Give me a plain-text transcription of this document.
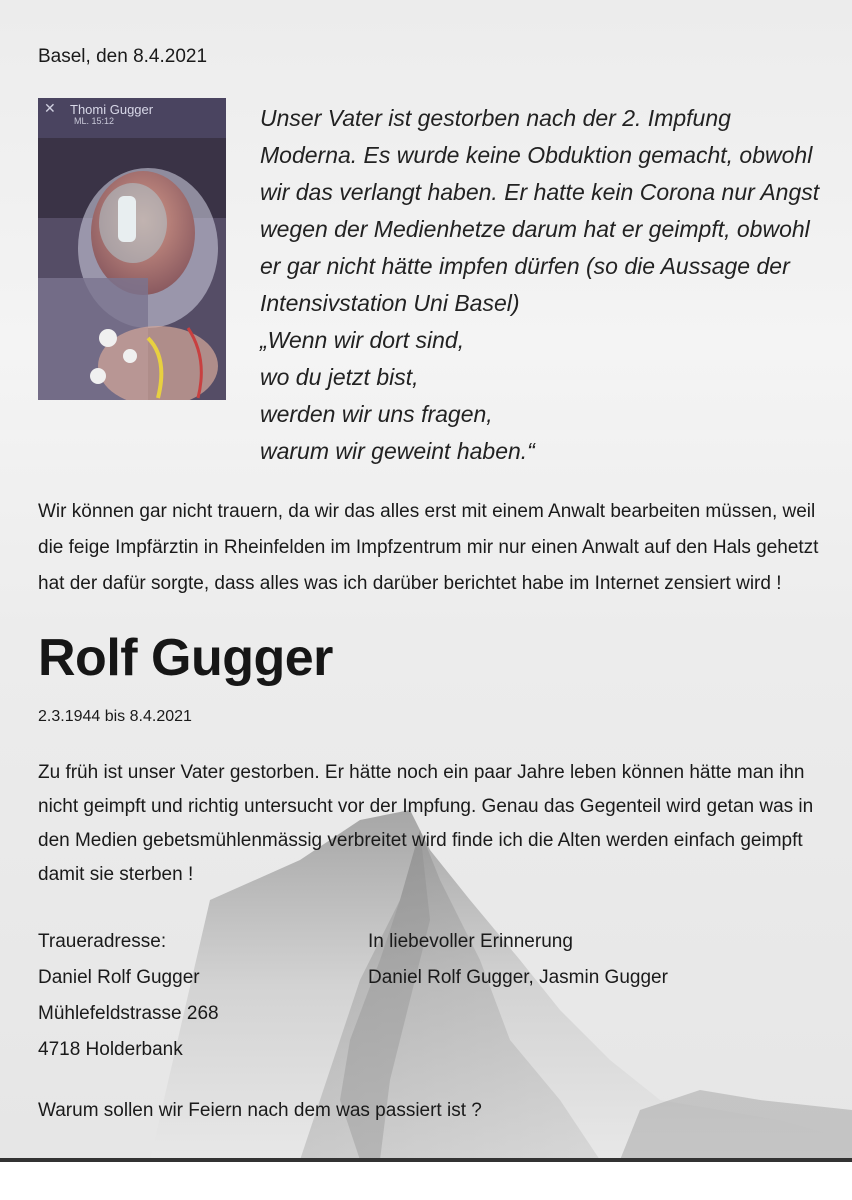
Basel, den 8.4.2021
✕ Thomi Gugger
ML. 15:12	Unser Vater ist gestorben nach der 2. Impfung
Moderna. Es wurde keine Obduktion gemacht, obwohl
wir das verlangt haben. Er hatte kein Corona nur Angst
wegen der Medienhetze darum hat er geimpft, obwohl
er gar nicht hätte impfen dürfen (so die Aussage der
Intensivstation Uni Basel)
„Wenn wir dort sind,
wo du jetzt bist,
werden wir uns fragen,
warum wir geweint haben.“
Wir können gar nicht trauern, da wir das alles erst mit einem Anwalt bearbeiten müssen, weil
die feige Impfärztin in Rheinfelden im Impfzentrum mir nur einen Anwalt auf den Hals gehetzt
hat der dafür sorgte, dass alles was ich darüber berichtet habe im Internet zensiert wird !
Rolf Gugger
2.3.1944 bis 8.4.2021
Zu früh ist unser Vater gestorben. Er hätte noch ein paar Jahre leben können hätte man ihn
nicht geimpft und richtig untersucht vor der Impfung. Genau das Gegenteil wird getan was in
den Medien gebetsmühlenmässig verbreitet wird finde ich die Alten werden einfach geimpft
damit sie sterben !
Traueradresse:
Daniel Rolf Gugger
Mühlefeldstrasse 268
4718 Holderbank
In liebevoller Erinnerung
Daniel Rolf Gugger, Jasmin Gugger
Warum sollen wir Feiern nach dem was passiert ist ?
